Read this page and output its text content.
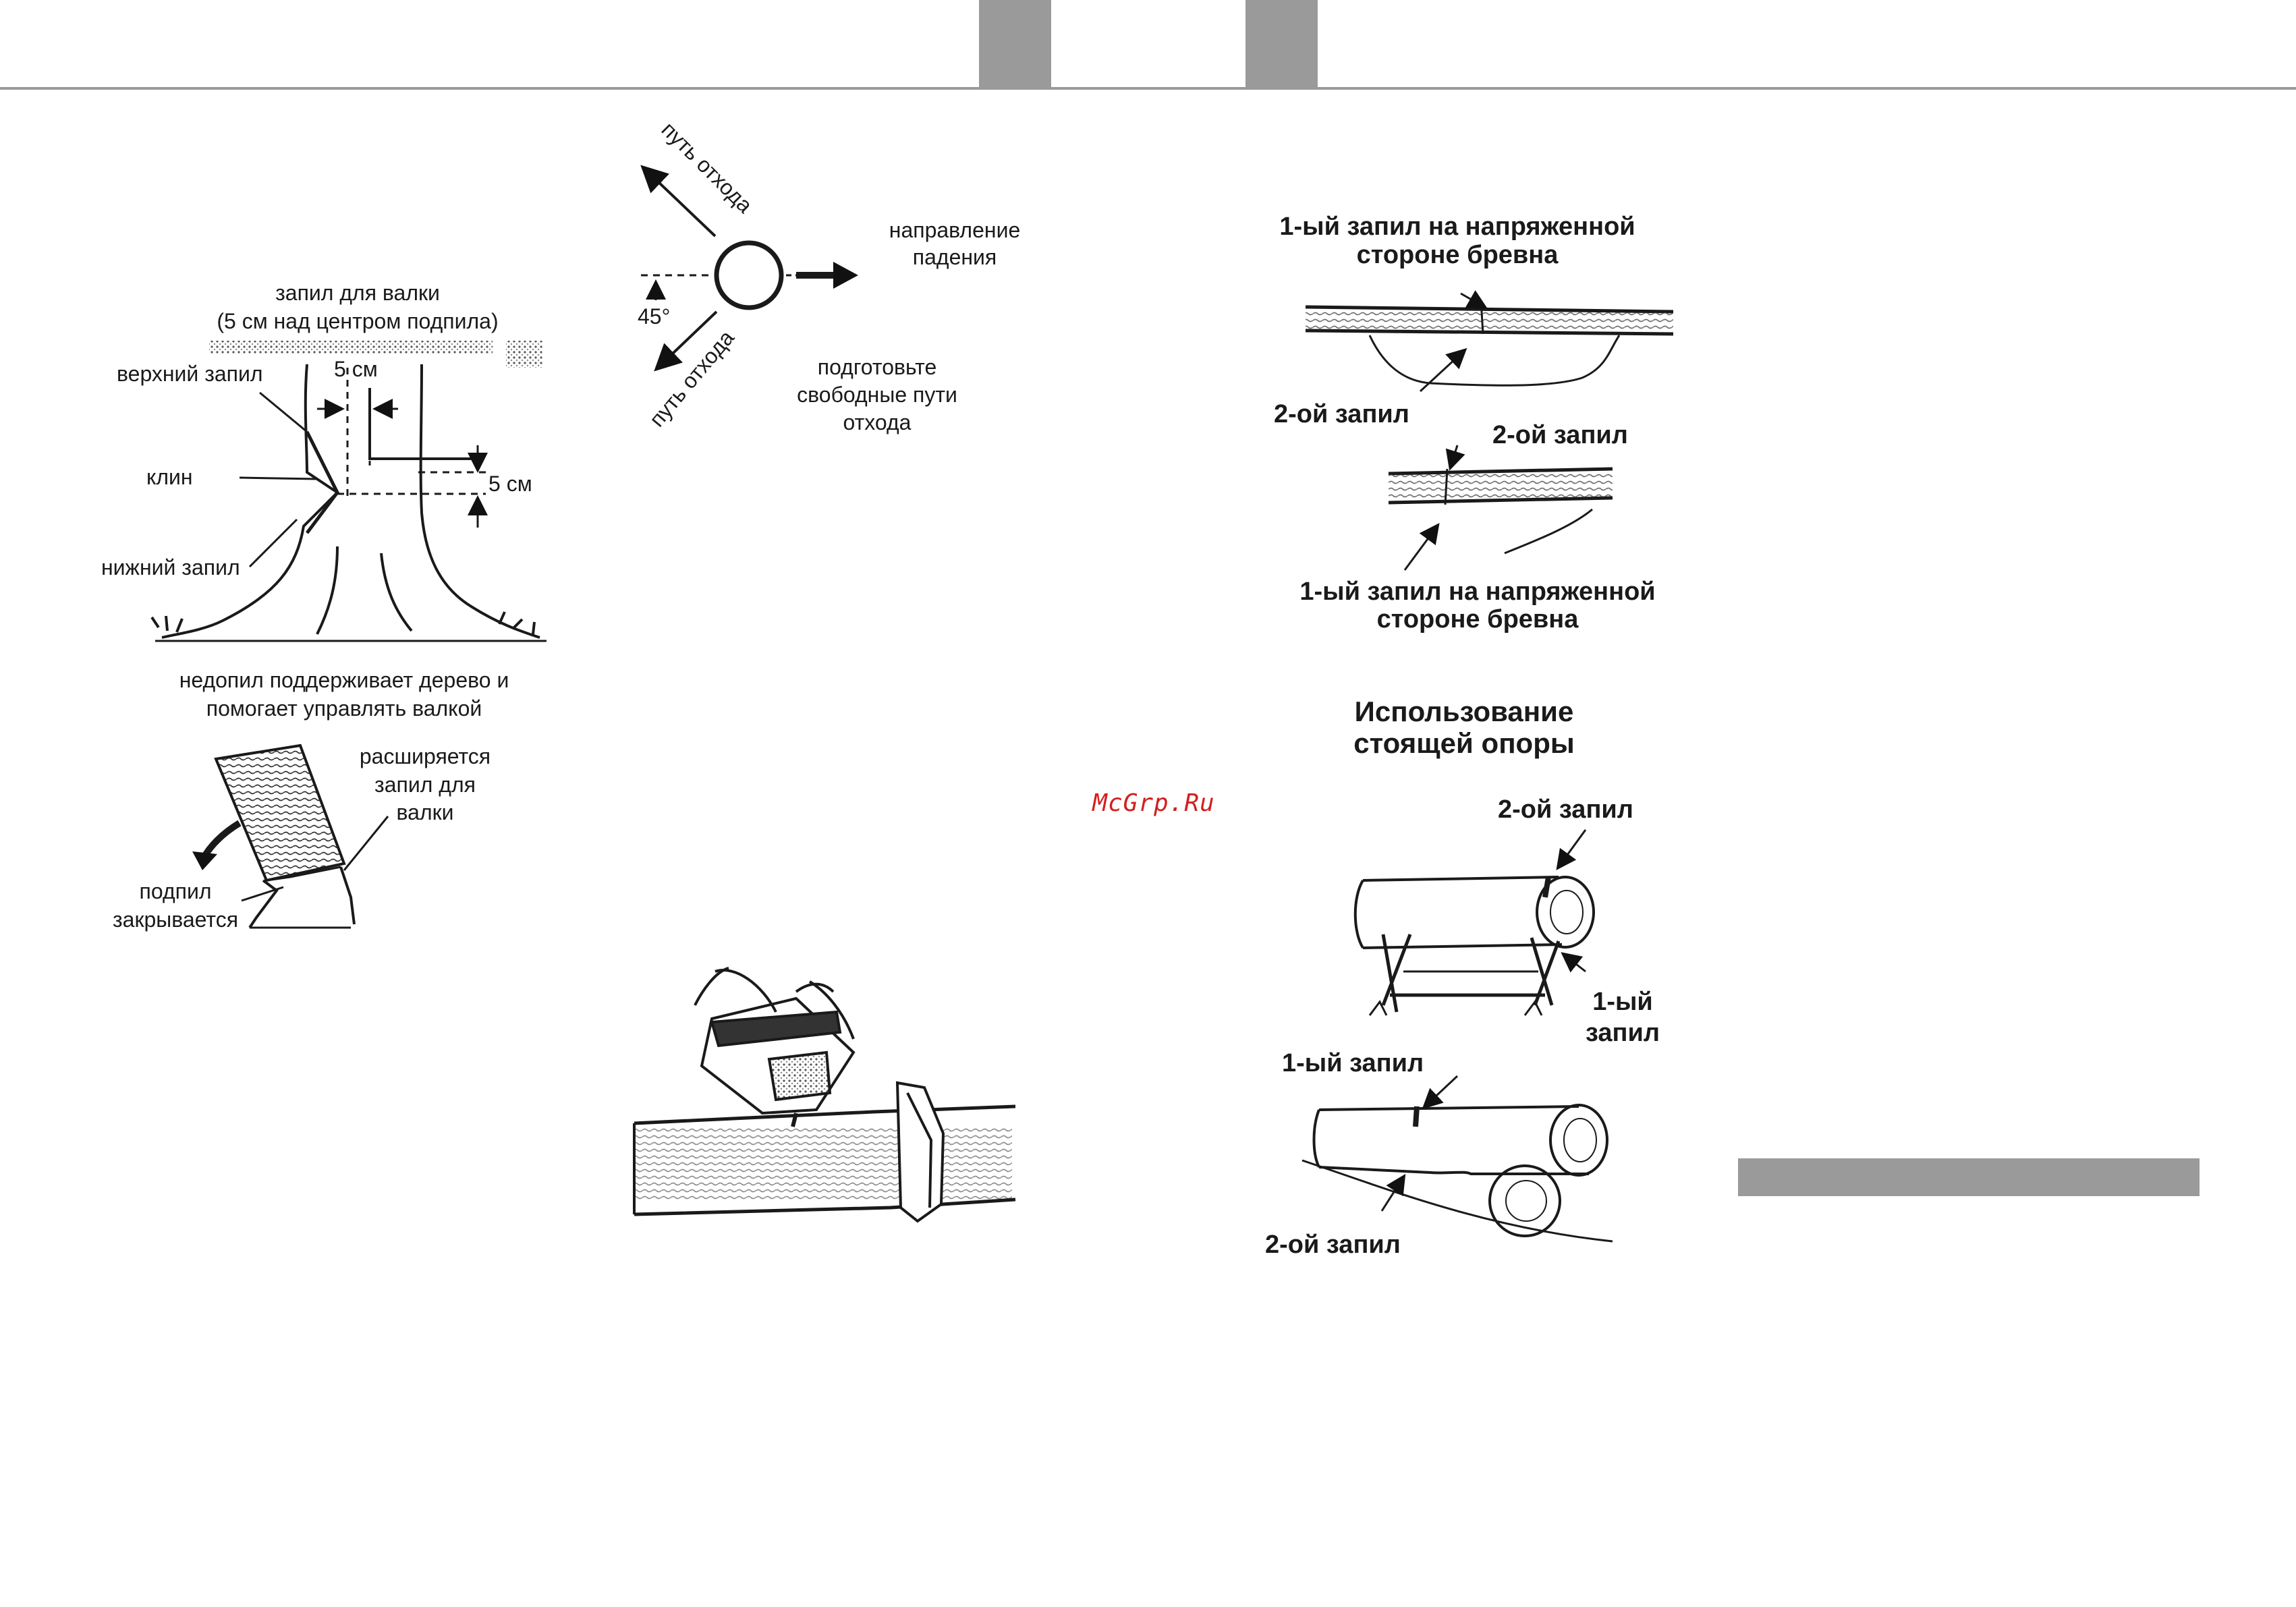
запил для валки
(5 см над центром подпила)
верхний запил	5 см
клин	5 см
нижний запил
недопил поддерживает дерево и
помогает управлять валкой
расширяется
запил для
валки
подпил
закрывается
путь отхода
путь отхода
45°
направление
падения
подготовьте
свободные пути
отхода
McGrp.Ru
1-ый запил на напряженной
стороне бревна
2-ой запил
2-ой запил
1-ый запил на напряженной
стороне бревна
Использование
стоящей опоры
2-ой запил
1-ый
запил
1-ый запил
2-ой запил
